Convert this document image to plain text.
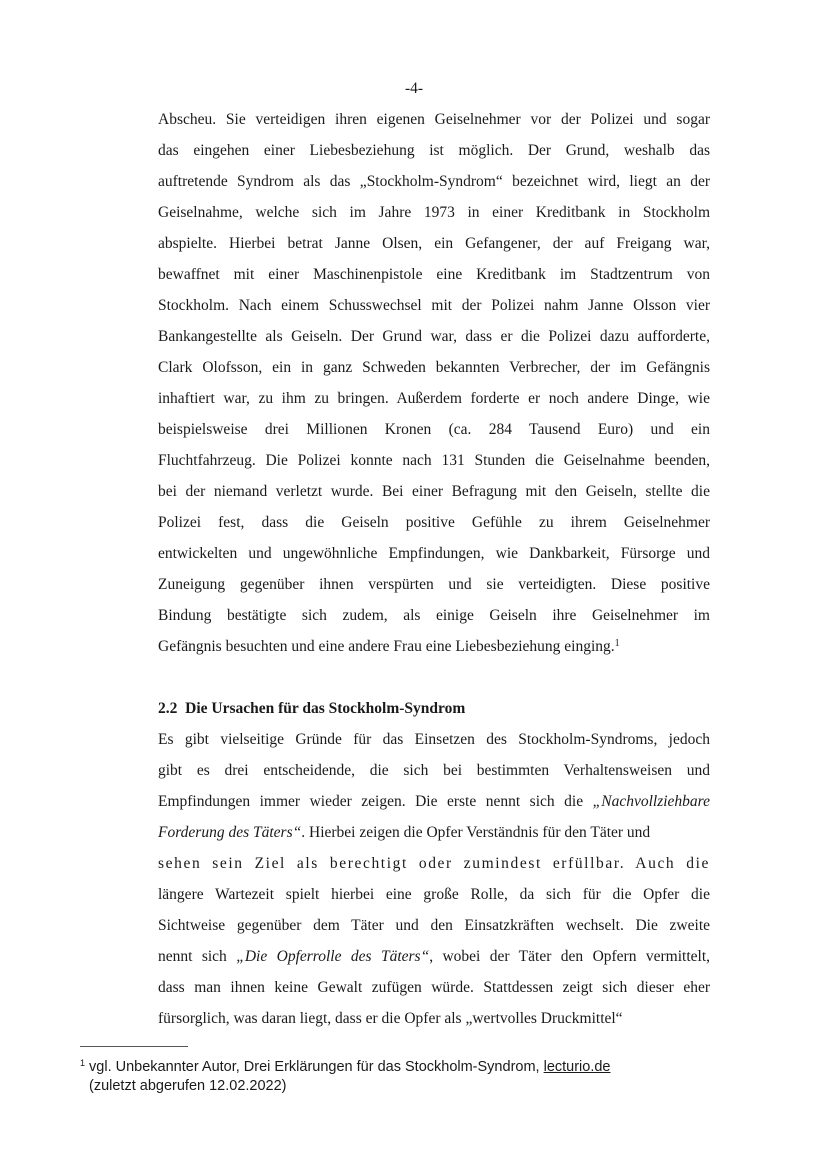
-4-
Abscheu. Sie verteidigen ihren eigenen Geiselnehmer vor der Polizei und sogar
das eingehen einer Liebesbeziehung ist möglich. Der Grund, weshalb das
auftretende Syndrom als das „Stockholm-Syndrom“ bezeichnet wird, liegt an der
Geiselnahme, welche sich im Jahre 1973 in einer Kreditbank in Stockholm
abspielte. Hierbei betrat Janne Olsen, ein Gefangener, der auf Freigang war,
bewaffnet mit einer Maschinenpistole eine Kreditbank im Stadtzentrum von
Stockholm. Nach einem Schusswechsel mit der Polizei nahm Janne Olsson vier
Bankangestellte als Geiseln. Der Grund war, dass er die Polizei dazu aufforderte,
Clark Olofsson, ein in ganz Schweden bekannten Verbrecher, der im Gefängnis
inhaftiert war, zu ihm zu bringen. Außerdem forderte er noch andere Dinge, wie
beispielsweise drei Millionen Kronen (ca. 284 Tausend Euro) und ein
Fluchtfahrzeug. Die Polizei konnte nach 131 Stunden die Geiselnahme beenden,
bei der niemand verletzt wurde. Bei einer Befragung mit den Geiseln, stellte die
Polizei fest, dass die Geiseln positive Gefühle zu ihrem Geiselnehmer
entwickelten und ungewöhnliche Empfindungen, wie Dankbarkeit, Fürsorge und
Zuneigung gegenüber ihnen verspürten und sie verteidigten. Diese positive
Bindung bestätigte sich zudem, als einige Geiseln ihre Geiselnehmer im
Gefängnis besuchten und eine andere Frau eine Liebesbeziehung einging.$^1$
2.2  Die Ursachen für das Stockholm-Syndrom
Es gibt vielseitige Gründe für das Einsetzen des Stockholm-Syndroms, jedoch
gibt es drei entscheidende, die sich bei bestimmten Verhaltensweisen und
Empfindungen immer wieder zeigen. Die erste nennt sich die „Nachvollziehbare
Forderung des Täters“. Hierbei zeigen die Opfer Verständnis für den Täter und
sehen sein Ziel als berechtigt oder zumindest erfüllbar. Auch die
längere Wartezeit spielt hierbei eine große Rolle, da sich für die Opfer die
Sichtweise gegenüber dem Täter und den Einsatzkräften wechselt. Die zweite
nennt sich „Die Opferrolle des Täters“, wobei der Täter den Opfern vermittelt,
dass man ihnen keine Gewalt zufügen würde. Stattdessen zeigt sich dieser eher
fürsorglich, was daran liegt, dass er die Opfer als „wertvolles Druckmittel“
$^1$ vgl. Unbekannter Autor, Drei Erklärungen für das Stockholm-Syndrom, lecturio.de
(zuletzt abgerufen 12.02.2022)
